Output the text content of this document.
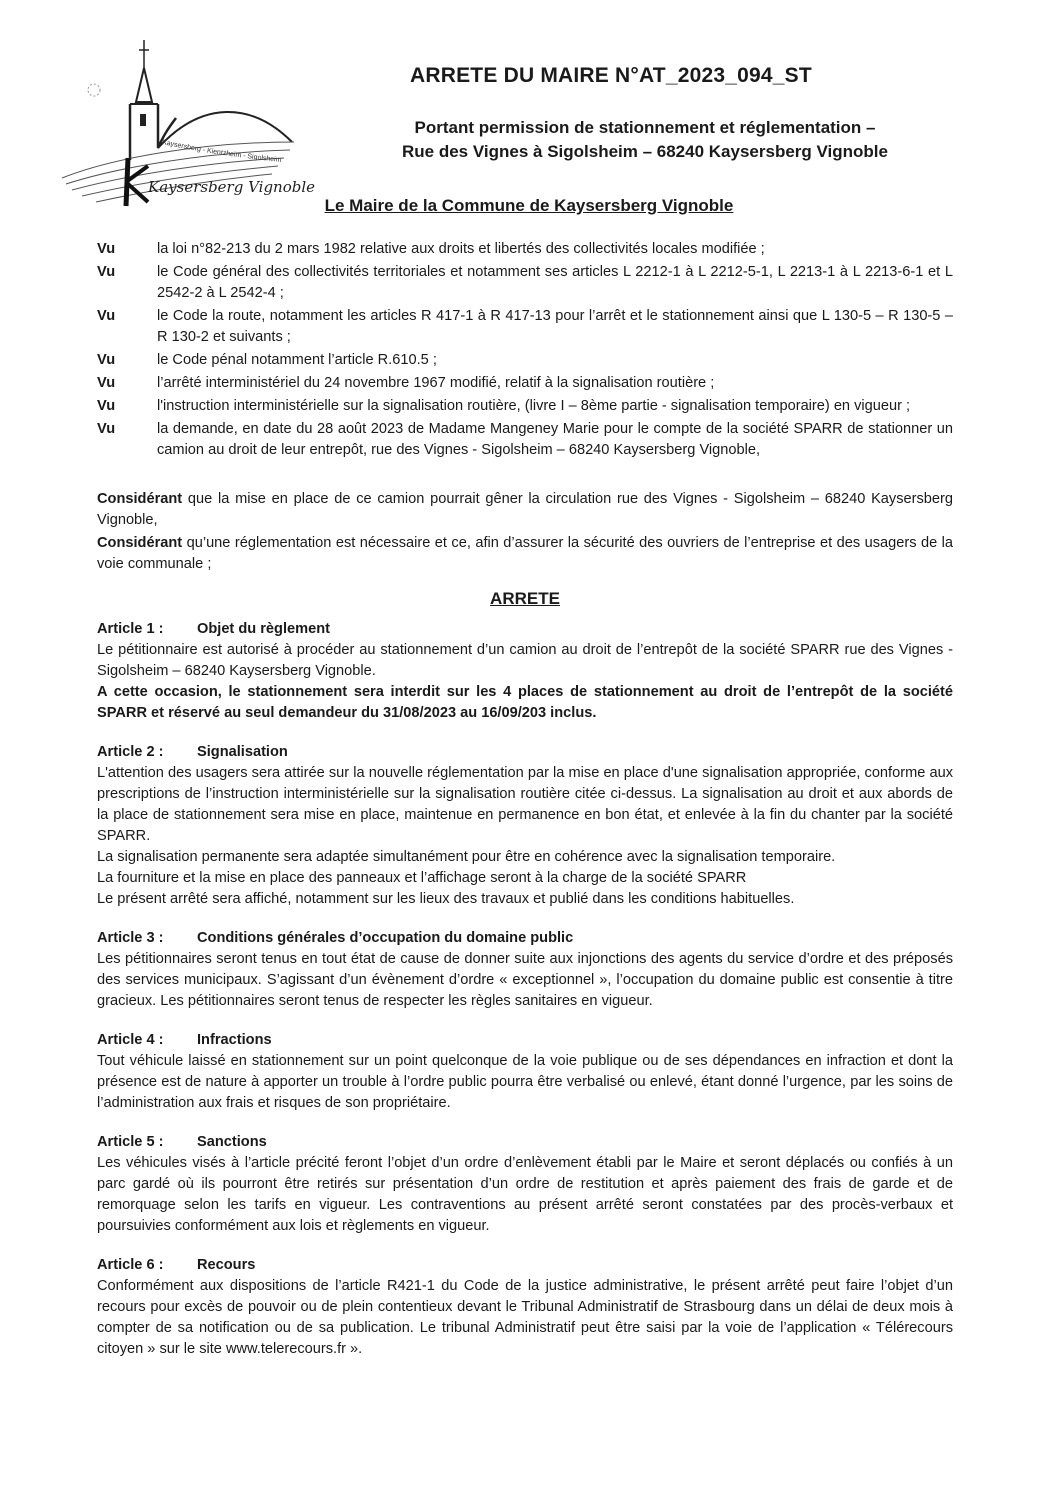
Kaysersberg - Kientzheim - Sigolsheim
Kaysersberg Vignoble
ARRETE DU MAIRE N°AT_2023_094_ST
Portant permission de stationnement et réglementation –
Rue des Vignes à Sigolsheim – 68240 Kaysersberg Vignoble
Le Maire de la Commune de Kaysersberg Vignoble
Vu	la loi n°82-213 du 2 mars 1982 relative aux droits et libertés des collectivités locales modifiée ;
Vu	le Code général des collectivités territoriales et notamment ses articles L 2212-1 à L 2212-5-1, L 2213-1 à L 2213-6-1 et L 2542-2 à L 2542-4 ;
Vu	le Code la route, notamment les articles R 417-1 à R 417-13 pour l’arrêt et le stationnement ainsi que L 130-5 – R 130-5 – R 130-2 et suivants ;
Vu	le Code pénal notamment l’article R.610.5 ;
Vu	l’arrêté interministériel du 24 novembre 1967 modifié, relatif à la signalisation routière ;
Vu	l'instruction interministérielle sur la signalisation routière, (livre I – 8ème partie - signalisation temporaire) en vigueur ;
Vu	la demande, en date du 28 août 2023 de Madame Mangeney Marie pour le compte de la société SPARR de stationner un camion au droit de leur entrepôt, rue des Vignes - Sigolsheim – 68240 Kaysersberg Vignoble,

Considérant que la mise en place de ce camion pourrait gêner la circulation rue des Vignes - Sigolsheim – 68240 Kaysersberg Vignoble,

Considérant qu’une réglementation est nécessaire et ce, afin d’assurer la sécurité des ouvriers de l’entreprise et des usagers de la voie communale ;

ARRETE
Article 1 :	Objet du règlement

Le pétitionnaire est autorisé à procéder au stationnement d’un camion au droit de l’entrepôt de la société SPARR rue des Vignes - Sigolsheim – 68240 Kaysersberg Vignoble.

A cette occasion, le stationnement sera interdit sur les 4 places de stationnement au droit de l’entrepôt de la société SPARR et réservé au seul demandeur du 31/08/2023 au 16/09/203 inclus.

Article 2 :	Signalisation

L'attention des usagers sera attirée sur la nouvelle réglementation par la mise en place d'une signalisation appropriée, conforme aux prescriptions de l’instruction interministérielle sur la signalisation routière citée ci-dessus. La signalisation au droit et aux abords de la place de stationnement sera mise en place, maintenue en permanence en bon état, et enlevée à la fin du chanter par la société SPARR.

La signalisation permanente sera adaptée simultanément pour être en cohérence avec la signalisation temporaire.

La fourniture et la mise en place des panneaux et l’affichage seront à la charge de la société SPARR

Le présent arrêté sera affiché, notamment sur les lieux des travaux et publié dans les conditions habituelles.

Article 3 :	Conditions générales d’occupation du domaine public

Les pétitionnaires seront tenus en tout état de cause de donner suite aux injonctions des agents du service d’ordre et des préposés des services municipaux. S’agissant d’un évènement d’ordre « exceptionnel », l’occupation du domaine public est consentie à titre gracieux. Les pétitionnaires seront tenus de respecter les règles sanitaires en vigueur.

Article 4 :	Infractions

Tout véhicule laissé en stationnement sur un point quelconque de la voie publique ou de ses dépendances en infraction et dont la présence est de nature à apporter un trouble à l’ordre public pourra être verbalisé ou enlevé, étant donné l’urgence, par les soins de l’administration aux frais et risques de son propriétaire.

Article 5 :	Sanctions

Les véhicules visés à l’article précité feront l’objet d’un ordre d’enlèvement établi par le Maire et seront déplacés ou confiés à un parc gardé où ils pourront être retirés sur présentation d’un ordre de restitution et après paiement des frais de garde et de remorquage selon les tarifs en vigueur. Les contraventions au présent arrêté seront constatées par des procès-verbaux et poursuivies conformément aux lois et règlements en vigueur.

Article 6 :	Recours

Conformément aux dispositions de l’article R421-1 du Code de la justice administrative, le présent arrêté peut faire l’objet d’un recours pour excès de pouvoir ou de plein contentieux devant le Tribunal Administratif de Strasbourg dans un délai de deux mois à compter de sa notification ou de sa publication. Le tribunal Administratif peut être saisi par la voie de l’application « Télérecours citoyen » sur le site www.telerecours.fr ».
